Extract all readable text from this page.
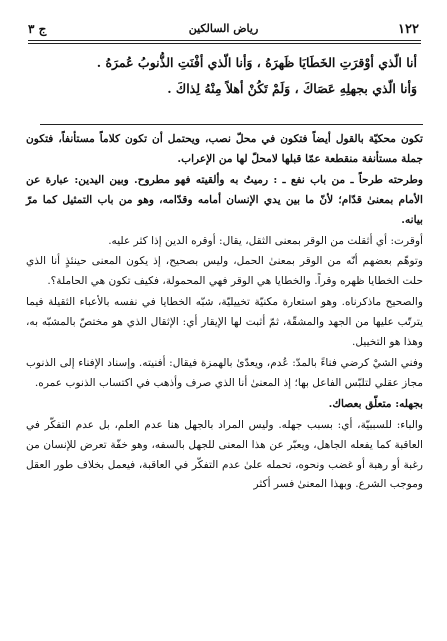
ج ٣	رياض السالكين	١٢٢

أنا الّذي أوْقرَتِ الخَطَايَا ظَهرَهُ ، وَأنا الّذي أفْنَتِ الذُّنوبُ عُمرَهُ .

وَأنا الّذي بجهلِهِ عَصَاكَ ، وَلَمْ تَكُنْ أهلاً مِنْهُ لِذاكَ .

تكون محكيّة بالقول أيضاً فتكون في محلّ نصب، ويحتمل أن تكون كلاماً مستأنفاً، فتكون جملة مستأنفة منقطعة عمّا قبلها لامحلّ لها من الإعراب.

وطرحته طرحاً ـ من باب نفع ـ : رميتُ به وألقيته فهو مطروح. وبين اليدين: عبارة عن الأمام بمعنىٰ قدّام؛ لأنّ ما بين يدي الإنسان أمامه وقدّامه، وهو من باب التمثيل كما مرّ بيانه.

أوقرت: أي أثقلت من الوقر بمعنى الثقل، يقال: أوقره الدين إذا كثر عليه.

وتوهّم بعضهم أنّه من الوقر بمعنىٰ الحمل، وليس بصحيح، إذ يكون المعنى حينئذٍ أنا الذي حلت الخطايا ظهره وقراً. والخطايا هي الوقر فهي المحمولة، فكيف تكون هي الحاملة؟.

والصحيح ماذكرناه. وهو استعارة مكنيّة تخييليّة، شبّه الخطايا في نفسه بالأعباء الثقيلة فيما يترتّب عليها من الجهد والمشقّة، ثمّ أثبت لها الإيقار أي: الإثقال الذي هو مختصّ بالمشبّه به، وهذا هو التخييل.

وفني الشيْ كرضي فناءً بالمدّ: عُدم، ويعدّىٰ بالهمزة فيقال: أفنيته. وإسناد الإفناء إلى الذنوب مجاز عقلي لتلبّس الفاعل بها؛ إذ المعنىٰ أنا الذي صرف وأذهب في اكتساب الذنوب عمره.

بجهله: متعلّق بعصاك.

والباء: للسببيّة، أي: بسبب جهله. وليس المراد بالجهل هنا عدم العلم، بل عدم التفكّر في العاقبة كما يفعله الجاهل، ويعبّر عن هذا المعنى للجهل بالسفه، وهو خفّة تعرض للإنسان من رغبة أو رهبة أو غضب ونحوه، تحمله علىٰ عدم التفكّر في العاقبة، فيعمل بخلاف طور العقل وموجب الشرع. وبهذا المعنىٰ فسر أكثر
